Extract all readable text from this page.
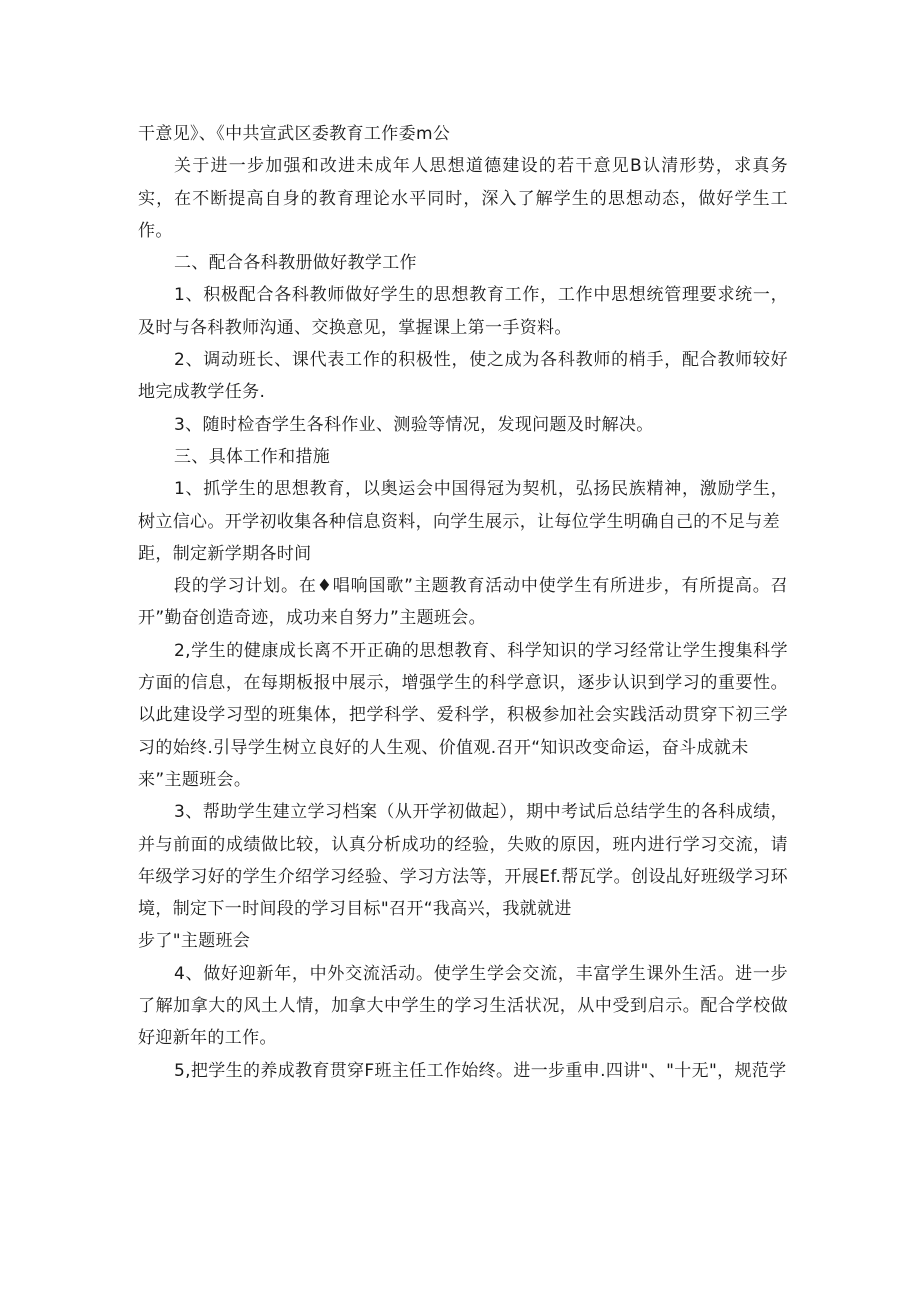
干意见》、《中共宣武区委教育工作委m公

关于进一步加强和改进未成年人思想道德建设的若干意见B认清形势，求真务实，在不断提高自身的教育理论水平同时，深入了解学生的思想动态，做好学生工作。

二、配合各科教册做好教学工作

1、积极配合各科教师做好学生的思想教育工作，工作中思想统管理要求统一，及时与各科教师沟通、交换意见，掌握课上第一手资料。

2、调动班长、课代表工作的积极性，使之成为各科教师的梢手，配合教师较好地完成教学任务.

3、随时检杳学生各科作业、测验等情况，发现问题及时解决。

三、具体工作和措施

1、抓学生的思想教育，以奥运会中国得冠为契机，弘扬民族精神，激励学生，树立信心。开学初收集各种信息资料，向学生展示，让每位学生明确自己的不足与差

距，制定新学期各时间

段的学习计划。在♦唱响国歌”主题教育活动中使学生有所进步，有所提高。召开”勤奋创造奇迹，成功来自努力”主题班会。

2,学生的健康成长离不开正确的思想教育、科学知识的学习经常让学生搜集科学方面的信息，在每期板报中展示，增强学生的科学意识，逐步认识到学习的重要性。以此建设学习型的班集体，把学科学、爱科学，积极参加社会实践活动贯穿下初三学习的始终.引导学生树立良好的人生观、价值观.召开“知识改变命运，奋斗成就未

来”主题班会。

3、帮助学生建立学习档案（从开学初做起），期中考试后总结学生的各科成绩，并与前面的成绩做比较，认真分析成功的经验，失败的原因，班内进行学习交流，请年级学习好的学生介绍学习经验、学习方法等，开展Ef.帮瓦学。创设乩好班级学习环境，制定下一时间段的学习目标"召开“我高兴，我就就进

步了"主题班会

4、做好迎新年，中外交流活动。使学生学会交流，丰富学生课外生活。进一步了解加拿大的风土人情，加拿大中学生的学习生活状况，从中受到启示。配合学校做好迎新年的工作。

5,把学生的养成教育贯穿F班主任工作始终。进一步重申.四讲"、"十无"，规范学
